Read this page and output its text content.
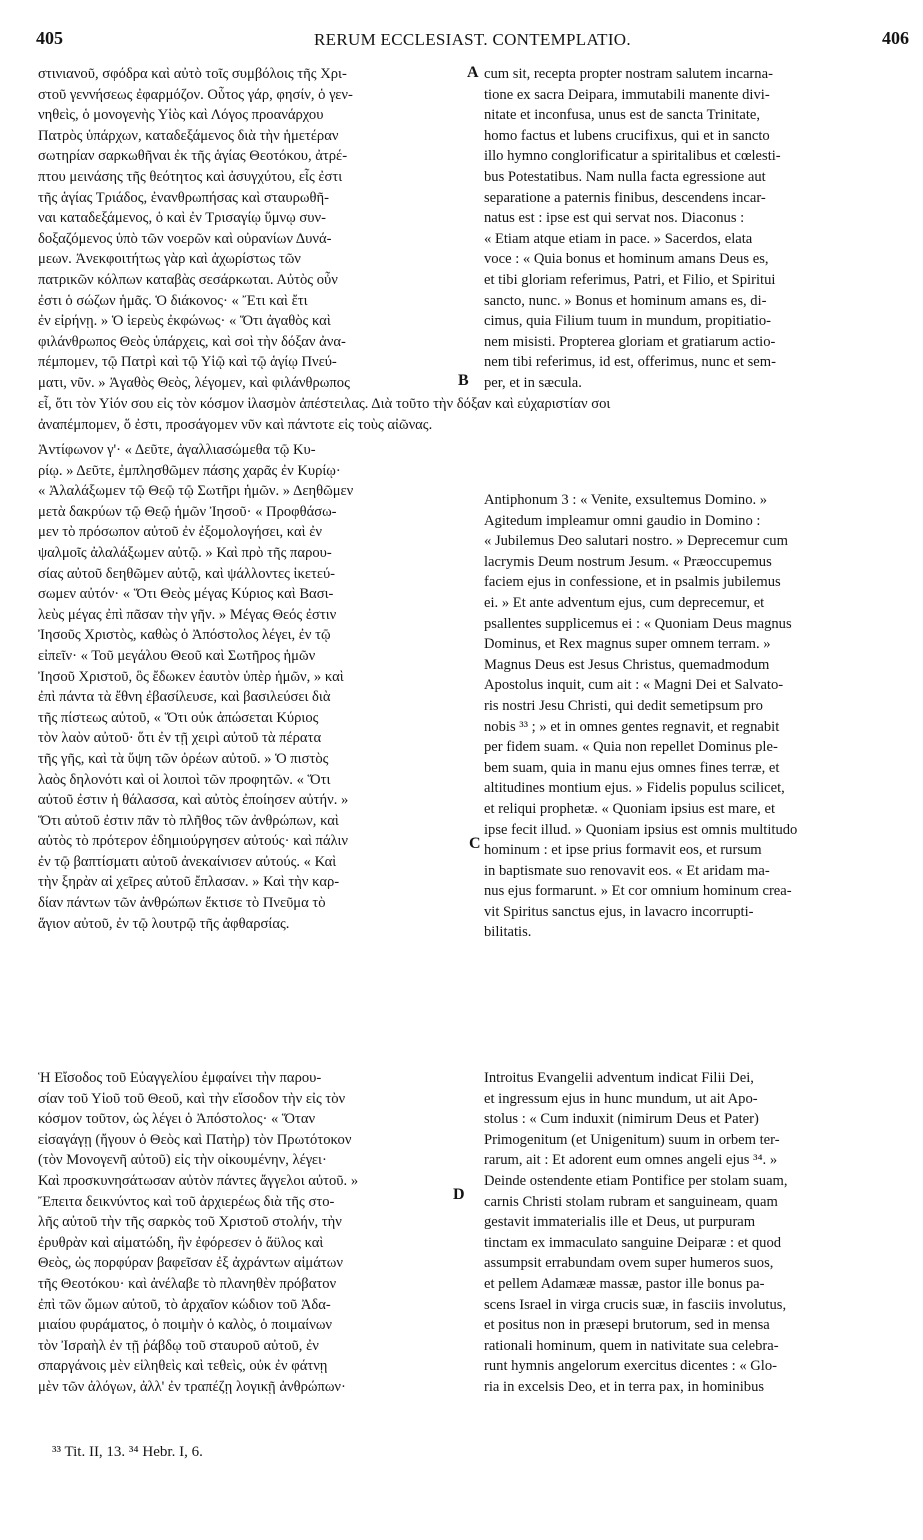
405	RERUM ECCLESIAST. CONTEMPLATIO.	406
στινιανοῦ, σφόδρα καὶ αὐτὸ τοῖς συμβόλοις τῆς Χρι-
στοῦ γεννήσεως ἐφαρμόζον. Οὗτος γάρ, φησίν, ὁ γεν-
νηθεὶς, ὁ μονογενὴς Υἱὸς καὶ Λόγος προανάρχου
Πατρὸς ὑπάρχων, καταδεξάμενος διὰ τὴν ἡμετέραν
σωτηρίαν σαρκωθῆναι ἐκ τῆς ἁγίας Θεοτόκου, ἀτρέ-
πτου μεινάσης τῆς θεότητος καὶ ἀσυγχύτου, εἷς ἐστι
τῆς ἁγίας Τριάδος, ἐνανθρωπήσας καὶ σταυρωθῆ-
ναι καταδεξάμενος, ὁ καὶ ἐν Τρισαγίῳ ὕμνῳ συν-
δοξαζόμενος ὑπὸ τῶν νοερῶν καὶ οὐρανίων Δυνά-
μεων. Ἀνεκφοιτήτως γὰρ καὶ ἀχωρίστως τῶν
πατρικῶν κόλπων καταβὰς σεσάρκωται. Αὐτὸς οὖν
ἐστι ὁ σώζων ἡμᾶς. Ὁ διάκονος· « Ἔτι καὶ ἔτι
ἐν εἰρήνῃ. » Ὁ ἱερεὺς ἐκφώνως· « Ὅτι ἀγαθὸς καὶ
φιλάνθρωπος Θεὸς ὑπάρχεις, καὶ σοὶ τὴν δόξαν ἀνα-
πέμπομεν, τῷ Πατρὶ καὶ τῷ Υἱῷ καὶ τῷ ἁγίῳ Πνεύ-
ματι, νῦν. » Ἀγαθὸς Θεὸς, λέγομεν, καὶ φιλάνθρωπος
cum sit, recepta propter nostram salutem incarna-
tione ex sacra Deipara, immutabili manente divi-
nitate et inconfusa, unus est de sancta Trinitate,
homo factus et lubens crucifixus, qui et in sancto
illo hymno conglorificatur a spiritalibus et cœlesti-
bus Potestatibus. Nam nulla facta egressione aut
separatione a paternis finibus, descendens incar-
natus est : ipse est qui servat nos. Diaconus :
« Etiam atque etiam in pace. » Sacerdos, elata
voce : « Quia bonus et hominum amans Deus es,
et tibi gloriam referimus, Patri, et Filio, et Spiritui
sancto, nunc. » Bonus et hominum amans es, di-
cimus, quia Filium tuum in mundum, propitiatio-
nem misisti. Propterea gloriam et gratiarum actio-
nem tibi referimus, id est, offerimus, nunc et sem-
per, et in sæcula.
εἶ, ὅτι τὸν Υἱόν σου εἰς τὸν κόσμον ἱλασμὸν ἀπέστειλας. Διὰ τοῦτο τὴν δόξαν καὶ εὐχαριστίαν σοι
ἀναπέμπομεν, ὅ ἐστι, προσάγομεν νῦν καὶ πάντοτε εἰς τοὺς αἰῶνας.
Ἀντίφωνον γ'· « Δεῦτε, ἀγαλλιασώμεθα τῷ Κυ-
ρίῳ. » Δεῦτε, ἐμπλησθῶμεν πάσης χαρᾶς ἐν Κυρίῳ·
« Ἀλαλάξωμεν τῷ Θεῷ τῷ Σωτῆρι ἡμῶν. » Δεηθῶμεν
μετὰ δακρύων τῷ Θεῷ ἡμῶν Ἰησοῦ· « Προφθάσω-
μεν τὸ πρόσωπον αὐτοῦ ἐν ἐξομολογήσει, καὶ ἐν
ψαλμοῖς ἀλαλάξωμεν αὐτῷ. » Καὶ πρὸ τῆς παρου-
σίας αὐτοῦ δεηθῶμεν αὐτῷ, καὶ ψάλλοντες ἱκετεύ-
σωμεν αὐτόν· « Ὅτι Θεὸς μέγας Κύριος καὶ Βασι-
λεὺς μέγας ἐπὶ πᾶσαν τὴν γῆν. » Μέγας Θεός ἐστιν
Ἰησοῦς Χριστὸς, καθὼς ὁ Ἀπόστολος λέγει, ἐν τῷ
εἰπεῖν· « Τοῦ μεγάλου Θεοῦ καὶ Σωτῆρος ἡμῶν
Ἰησοῦ Χριστοῦ, ὃς ἔδωκεν ἑαυτὸν ὑπὲρ ἡμῶν, » καὶ
ἐπὶ πάντα τὰ ἔθνη ἐβασίλευσε, καὶ βασιλεύσει διὰ
τῆς πίστεως αὐτοῦ, « Ὅτι οὐκ ἀπώσεται Κύριος
τὸν λαὸν αὐτοῦ· ὅτι ἐν τῇ χειρὶ αὐτοῦ τὰ πέρατα
τῆς γῆς, καὶ τὰ ὕψη τῶν ὀρέων αὐτοῦ. » Ὁ πιστὸς
λαὸς δηλονότι καὶ οἱ λοιποὶ τῶν προφητῶν. « Ὅτι
αὐτοῦ ἐστιν ἡ θάλασσα, καὶ αὐτὸς ἐποίησεν αὐτήν. »
Ὅτι αὐτοῦ ἐστιν πᾶν τὸ πλῆθος τῶν ἀνθρώπων, καὶ
αὐτὸς τὸ πρότερον ἐδημιούργησεν αὐτούς· καὶ πάλιν
ἐν τῷ βαπτίσματι αὐτοῦ ἀνεκαίνισεν αὐτούς. « Καὶ
τὴν ξηρὰν αἱ χεῖρες αὐτοῦ ἔπλασαν. » Καὶ τὴν καρ-
δίαν πάντων τῶν ἀνθρώπων ἔκτισε τὸ Πνεῦμα τὸ
ἅγιον αὐτοῦ, ἐν τῷ λουτρῷ τῆς ἀφθαρσίας.
Antiphonum 3 : « Venite, exsultemus Domino. »
Agitedum impleamur omni gaudio in Domino :
« Jubilemus Deo salutari nostro. » Deprecemur cum
lacrymis Deum nostrum Jesum. « Præoccupemus
faciem ejus in confessione, et in psalmis jubilemus
ei. » Et ante adventum ejus, cum deprecemur, et
psallentes supplicemus ei : « Quoniam Deus magnus
Dominus, et Rex magnus super omnem terram. »
Magnus Deus est Jesus Christus, quemadmodum
Apostolus inquit, cum ait : « Magni Dei et Salvato-
ris nostri Jesu Christi, qui dedit semetipsum pro
nobis ³³ ; » et in omnes gentes regnavit, et regnabit
per fidem suam. « Quia non repellet Dominus ple-
bem suam, quia in manu ejus omnes fines terræ, et
altitudines montium ejus. » Fidelis populus scilicet,
et reliqui prophetæ. « Quoniam ipsius est mare, et
ipse fecit illud. » Quoniam ipsius est omnis multitudo
hominum : et ipse prius formavit eos, et rursum
in baptismate suo renovavit eos. « Et aridam ma-
nus ejus formarunt. » Et cor omnium hominum crea-
vit Spiritus sanctus ejus, in lavacro incorrupti-
bilitatis.
Ἡ Εἴσοδος τοῦ Εὐαγγελίου ἐμφαίνει τὴν παρου-
σίαν τοῦ Υἱοῦ τοῦ Θεοῦ, καὶ τὴν εἴσοδον τὴν εἰς τὸν
κόσμον τοῦτον, ὡς λέγει ὁ Ἀπόστολος· « Ὅταν
εἰσαγάγῃ (ἤγουν ὁ Θεὸς καὶ Πατὴρ) τὸν Πρωτότοκον
(τὸν Μονογενῆ αὐτοῦ) εἰς τὴν οἰκουμένην, λέγει·
Καὶ προσκυνησάτωσαν αὐτὸν πάντες ἄγγελοι αὐτοῦ. »
Ἔπειτα δεικνύντος καὶ τοῦ ἀρχιερέως διὰ τῆς στο-
λῆς αὐτοῦ τὴν τῆς σαρκὸς τοῦ Χριστοῦ στολήν, τὴν
ἐρυθρὰν καὶ αἱματώδη, ἣν ἐφόρεσεν ὁ ἄϋλος καὶ
Θεὸς, ὡς πορφύραν βαφεῖσαν ἐξ ἀχράντων αἱμάτων
τῆς Θεοτόκου· καὶ ἀνέλαβε τὸ πλανηθὲν πρόβατον
ἐπὶ τῶν ὤμων αὐτοῦ, τὸ ἀρχαῖον κώδιον τοῦ Ἀδα-
μιαίου φυράματος, ὁ ποιμὴν ὁ καλὸς, ὁ ποιμαίνων
τὸν Ἰσραὴλ ἐν τῇ ῥάβδῳ τοῦ σταυροῦ αὐτοῦ, ἐν
σπαργάνοις μὲν εἱληθεὶς καὶ τεθεὶς, οὐκ ἐν φάτνῃ
μὲν τῶν ἀλόγων, ἀλλ' ἐν τραπέζῃ λογικῇ ἀνθρώπων·
Introitus Evangelii adventum indicat Filii Dei,
et ingressum ejus in hunc mundum, ut ait Apo-
stolus : « Cum induxit (nimirum Deus et Pater)
Primogenitum (et Unigenitum) suum in orbem ter-
rarum, ait : Et adorent eum omnes angeli ejus ³⁴. »
Deinde ostendente etiam Pontifice per stolam suam,
carnis Christi stolam rubram et sanguineam, quam
gestavit immaterialis ille et Deus, ut purpuram
tinctam ex immaculato sanguine Deiparæ : et quod
assumpsit errabundam ovem super humeros suos,
et pellem Adamææ massæ, pastor ille bonus pa-
scens Israel in virga crucis suæ, in fasciis involutus,
et positus non in præsepi brutorum, sed in mensa
rationali hominum, quem in nativitate sua celebra-
runt hymnis angelorum exercitus dicentes : « Glo-
ria in excelsis Deo, et in terra pax, in hominibus
A
B
C
D
³³ Tit. II, 13. ³⁴ Hebr. I, 6.
